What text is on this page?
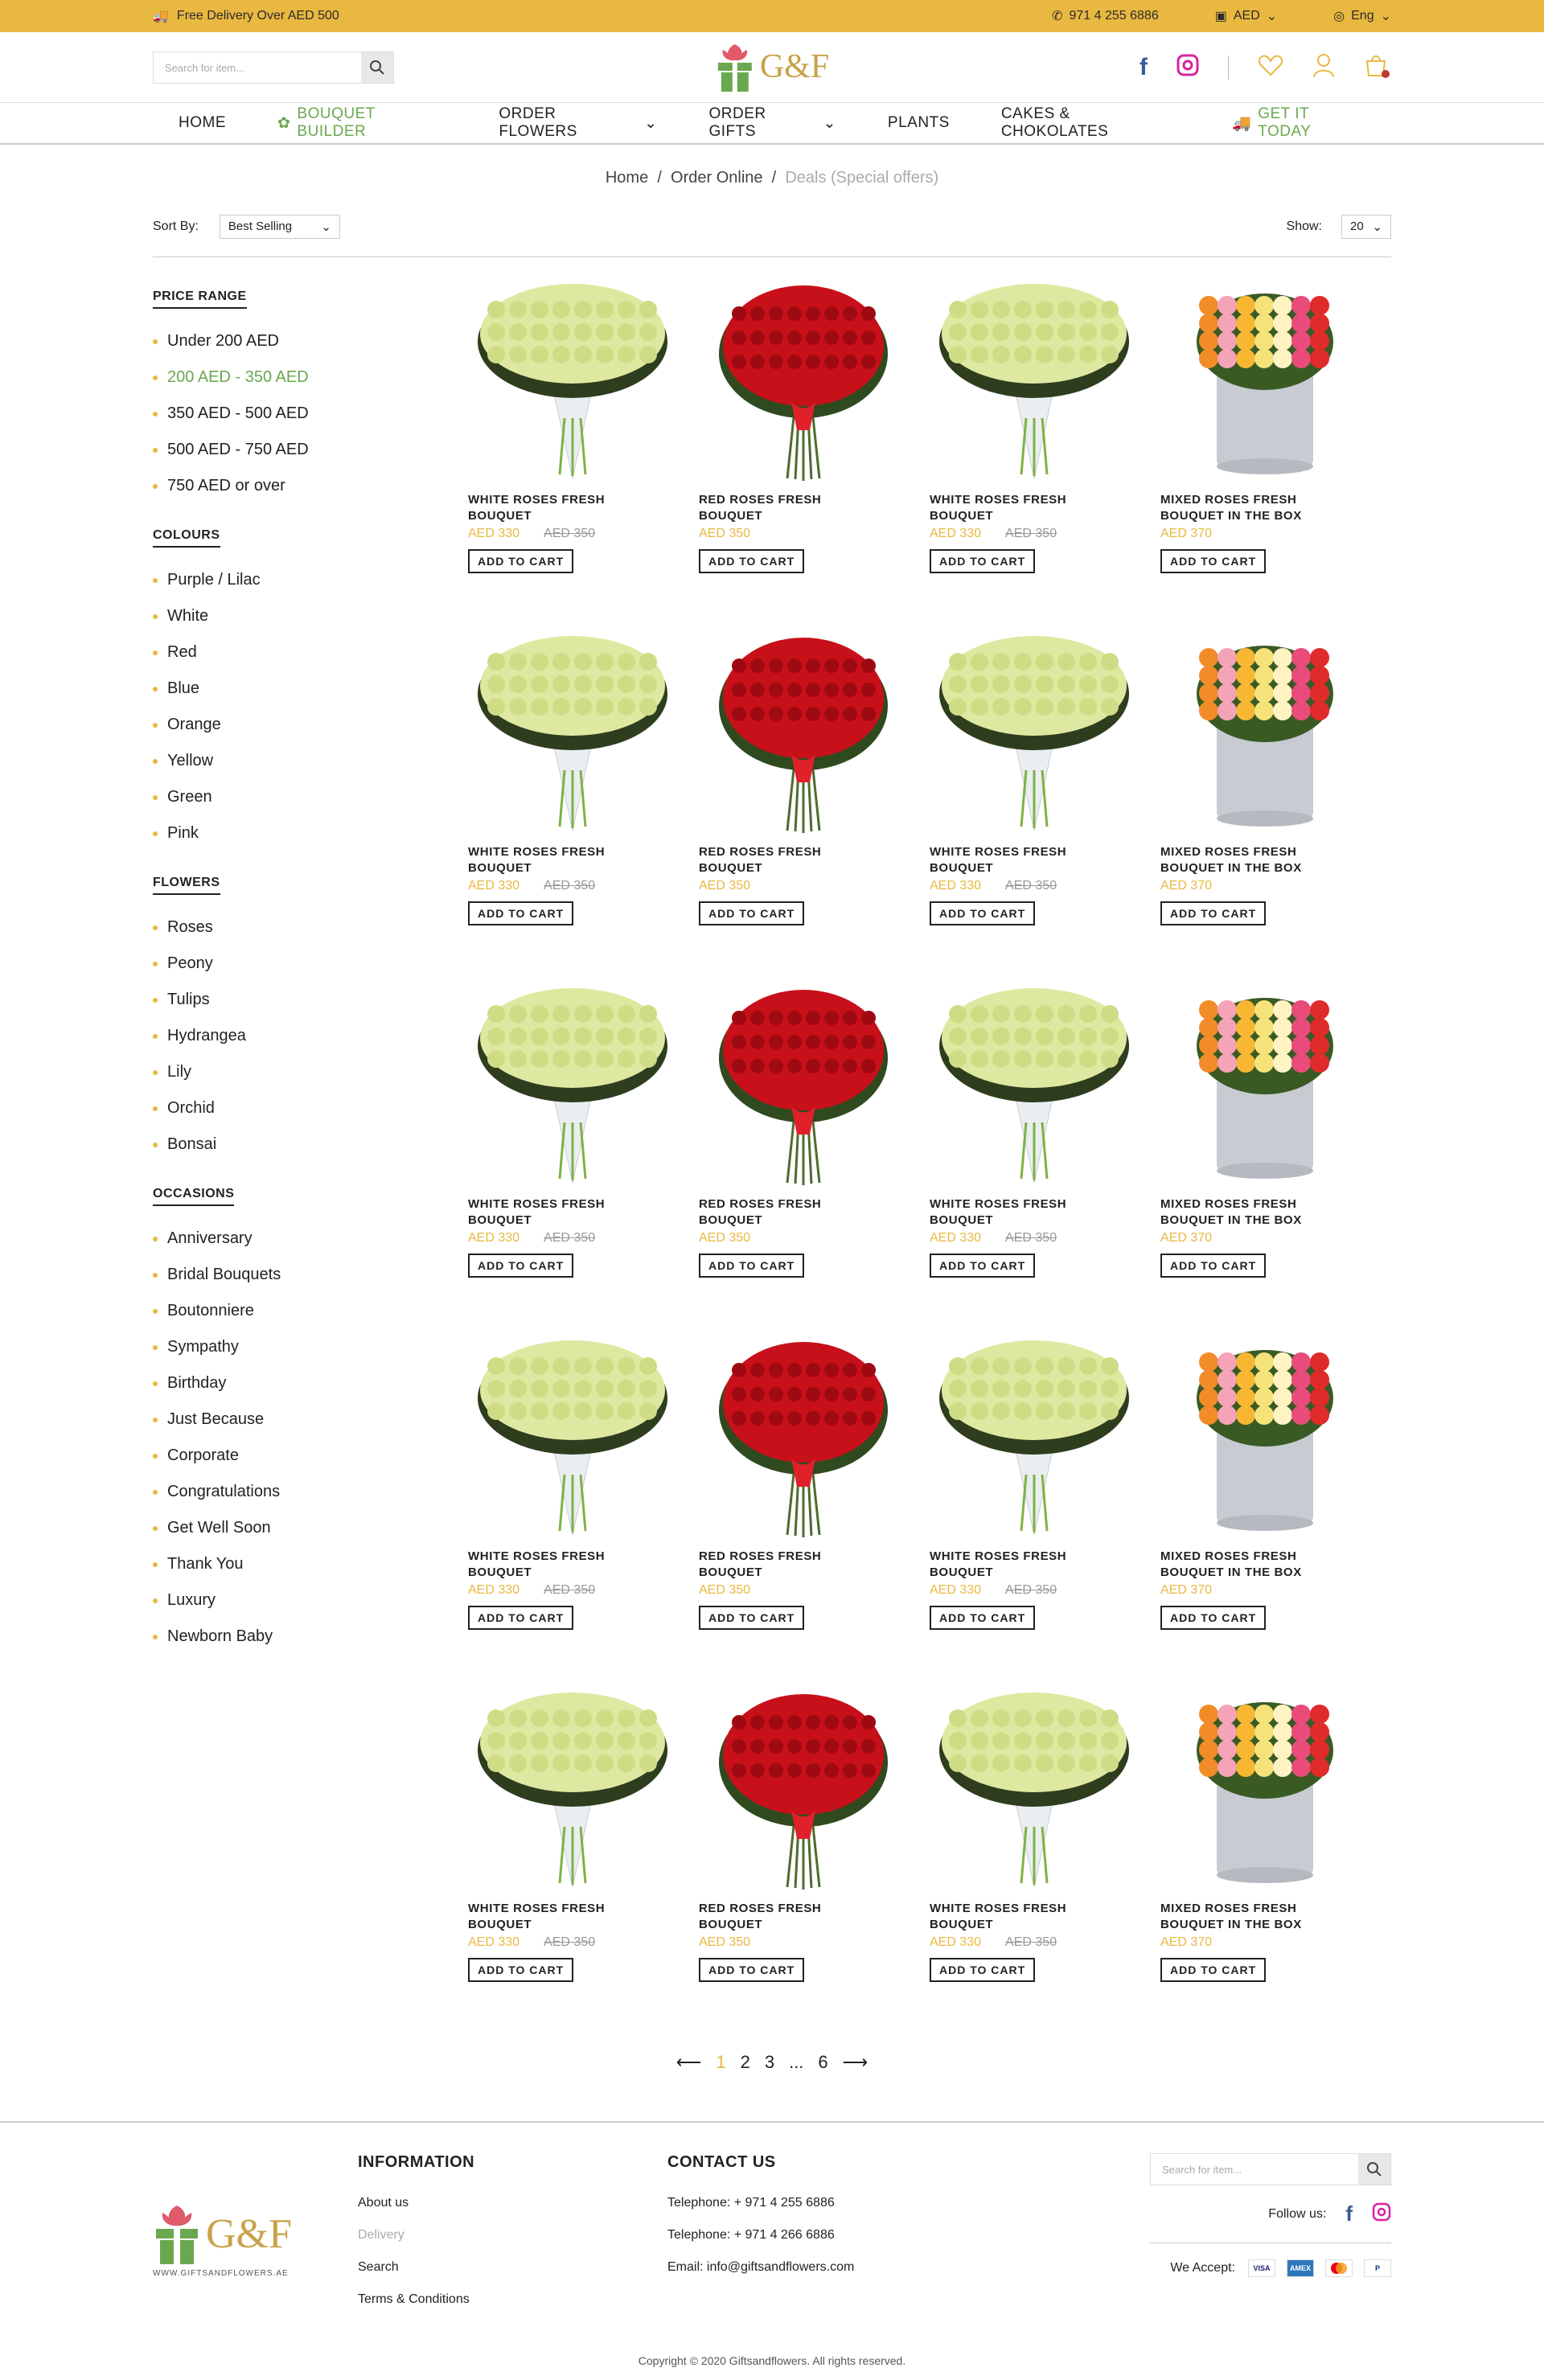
🚚 Free Delivery Over AED 500	✆ 971 4 255 6886	▣ AED ⌄	◎ Eng ⌄
Search for item...	G&F	f
HOME	✿
BOUQUET BUILDER
ORDER FLOWERS	⌄
ORDER GIFTS	⌄	PLANTS
CAKES & CHOKOLATES	🚚
GET IT TODAY
Home  /  Order Online  /  Deals (Special offers)
Sort By: Best Selling ⌄	Show: 20 ⌄
PRICE RANGE
Under 200 AED
200 AED - 350 AED
350 AED - 500 AED
500 AED - 750 AED
750 AED or over
COLOURS
Purple / Lilac
White
Red
Blue
Orange
Yellow
Green
Pink
FLOWERS
Roses
Peony
Tulips
Hydrangea
Lily
Orchid
Bonsai
OCCASIONS
Anniversary
Bridal Bouquets
Boutonniere
Sympathy
Birthday
Just Because
Corporate
Congratulations
Get Well Soon
Thank You
Luxury
Newborn Baby
WHITE ROSES FRESH BOUQUET
AED 330 AED 350
ADD TO CART
RED ROSES FRESH BOUQUET
AED 350
ADD TO CART
WHITE ROSES FRESH BOUQUET
AED 330 AED 350
ADD TO CART
MIXED ROSES FRESH BOUQUET IN THE BOX
AED 370
ADD TO CART
WHITE ROSES FRESH BOUQUET
AED 330 AED 350
ADD TO CART
RED ROSES FRESH BOUQUET
AED 350
ADD TO CART
WHITE ROSES FRESH BOUQUET
AED 330 AED 350
ADD TO CART
MIXED ROSES FRESH BOUQUET IN THE BOX
AED 370
ADD TO CART
WHITE ROSES FRESH BOUQUET
AED 330 AED 350
ADD TO CART
RED ROSES FRESH BOUQUET
AED 350
ADD TO CART
WHITE ROSES FRESH BOUQUET
AED 330 AED 350
ADD TO CART
MIXED ROSES FRESH BOUQUET IN THE BOX
AED 370
ADD TO CART
WHITE ROSES FRESH BOUQUET
AED 330 AED 350
ADD TO CART
RED ROSES FRESH BOUQUET
AED 350
ADD TO CART
WHITE ROSES FRESH BOUQUET
AED 330 AED 350
ADD TO CART
MIXED ROSES FRESH BOUQUET IN THE BOX
AED 370
ADD TO CART
WHITE ROSES FRESH BOUQUET
AED 330 AED 350
ADD TO CART
RED ROSES FRESH BOUQUET
AED 350
ADD TO CART
WHITE ROSES FRESH BOUQUET
AED 330 AED 350
ADD TO CART
MIXED ROSES FRESH BOUQUET IN THE BOX
AED 370
ADD TO CART
⟵ 1 2 3 ... 6 ⟶
G&F
WWW.GIFTSANDFLOWERS.AE
INFORMATION

About us

Delivery

Search

Terms & Conditions

CONTACT US

Telephone: + 971 4 255 6886

Telephone: + 971 4 266 6886

Email: info@giftsandflowers.com

Search for item...
Follow us: f
We Accept:	VISA	AMEX	P
Copyright © 2020 Giftsandflowers. All rights reserved.
